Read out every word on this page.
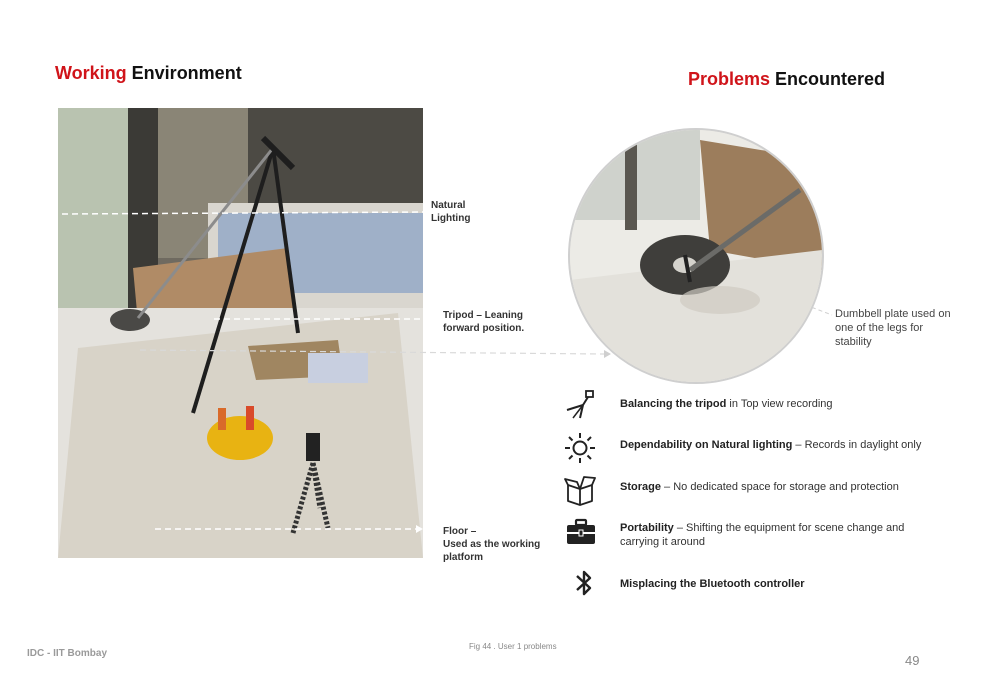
Working Environment	Problems Encountered
Natural
Lighting
Tripod – Leaning
forward position.
Floor –
Used as the working
platform
Dumbbell plate used on one of the legs for stability
Balancing the tripod in Top view recording
Dependability on Natural lighting – Records in daylight only
Storage – No dedicated space for storage and protection
Portability – Shifting the equipment for scene change and carrying it around
Misplacing the Bluetooth controller
IDC - IIT Bombay
Fig 44 . User 1 problems
49
